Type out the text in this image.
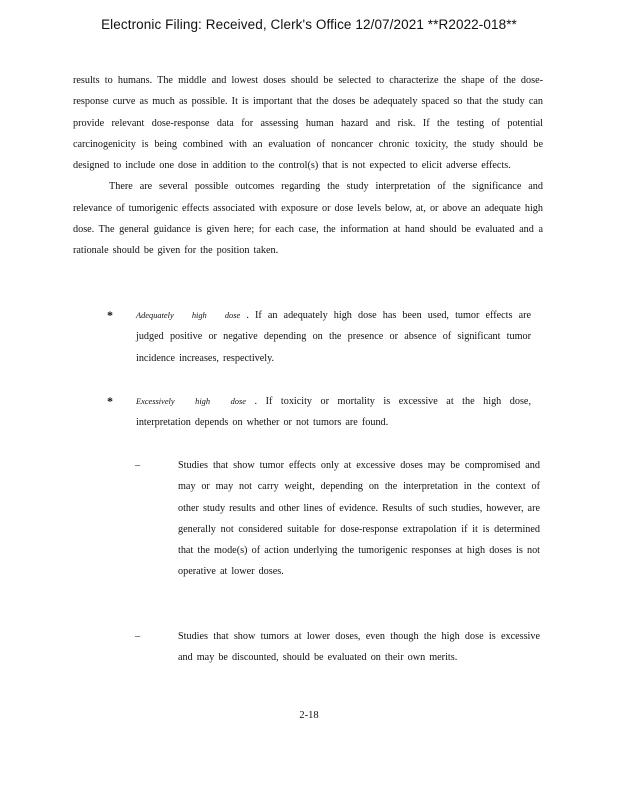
Electronic Filing: Received, Clerk's Office 12/07/2021 **R2022-018**

results to humans. The middle and lowest doses should be selected to characterize the shape of the dose-response curve as much as possible. It is important that the doses be adequately spaced so that the study can provide relevant dose-response data for assessing human hazard and risk. If the testing of potential carcinogenicity is being combined with an evaluation of noncancer chronic toxicity, the study should be designed to include one dose in addition to the control(s) that is not expected to elicit adverse effects.

There are several possible outcomes regarding the study interpretation of the significance and relevance of tumorigenic effects associated with exposure or dose levels below, at, or above an adequate high dose. The general guidance is given here; for each case, the information at hand should be evaluated and a rationale should be given for the position taken.

*	Adequately high dose . If an adequately high dose has been used, tumor effects are judged positive or negative depending on the presence or absence of significant tumor incidence increases, respectively.
*	Excessively high dose . If toxicity or mortality is excessive at the high dose, interpretation depends on whether or not tumors are found.
–	Studies that show tumor effects only at excessive doses may be compromised and may or may not carry weight, depending on the interpretation in the context of other study results and other lines of evidence. Results of such studies, however, are generally not considered suitable for dose-response extrapolation if it is determined that the mode(s) of action underlying the tumorigenic responses at high doses is not operative at lower doses.
–	Studies that show tumors at lower doses, even though the high dose is excessive and may be discounted, should be evaluated on their own merits.
2-18
